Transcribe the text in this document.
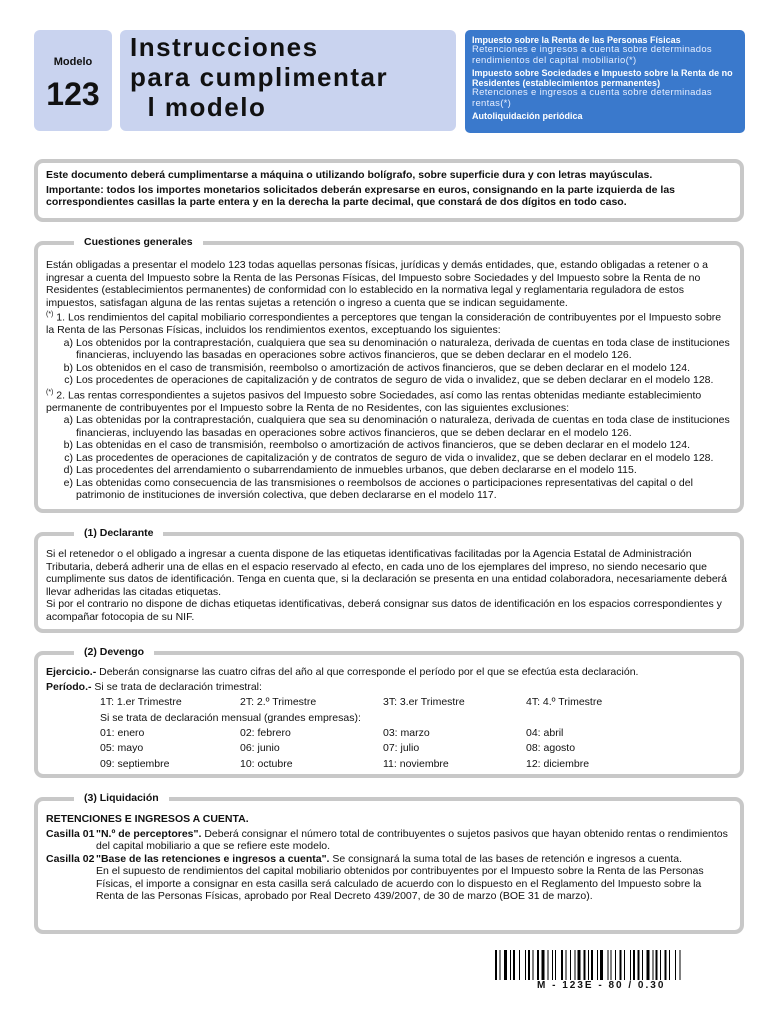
Modelo
123
Instrucciones
para cumplimentar
l modelo

Impuesto sobre la Renta de las Personas Físicas

Retenciones e ingresos a cuenta sobre determinados rendimientos del capital mobiliario(*)

Impuesto sobre Sociedades e Impuesto sobre la Renta de no Residentes (establecimientos permanentes)

Retenciones e ingresos a cuenta sobre determinadas rentas(*)

Autoliquidación periódica

Este documento deberá cumplimentarse a máquina o utilizando bolígrafo, sobre superficie dura y con letras mayúsculas.

Importante: todos los importes monetarios solicitados deberán expresarse en euros, consignando en la parte izquierda de las correspondientes casillas la parte entera y en la derecha la parte decimal, que constará de dos dígitos en todo caso.

Cuestiones generales

Están obligadas a presentar el modelo 123 todas aquellas personas físicas, jurídicas y demás entidades, que, estando obligadas a retener o a ingresar a cuenta del Impuesto sobre la Renta de las Personas Físicas, del Impuesto sobre Sociedades y del Impuesto sobre la Renta de no Residentes (establecimientos permanentes) de conformidad con lo establecido en la normativa legal y reglamentaria reguladora de estos impuestos, satisfagan alguna de las rentas sujetas a retención o ingreso a cuenta que se indican seguidamente.

(*) 1. Los rendimientos del capital mobiliario correspondientes a perceptores que tengan la consideración de contribuyentes por el Impuesto sobre la Renta de las Personas Físicas, incluidos los rendimientos exentos, exceptuando los siguientes:

a) Los obtenidos por la contraprestación, cualquiera que sea su denominación o naturaleza, derivada de cuentas en toda clase de instituciones financieras, incluyendo las basadas en operaciones sobre activos financieros, que se deben declarar en el modelo 126.
b) Los obtenidos en el caso de transmisión, reembolso o amortización de activos financieros, que se deben declarar en el modelo 124.
c) Los procedentes de operaciones de capitalización y de contratos de seguro de vida o invalidez, que se deben declarar en el modelo 128.

(*) 2. Las rentas correspondientes a sujetos pasivos del Impuesto sobre Sociedades, así como las rentas obtenidas mediante establecimiento permanente de contribuyentes por el Impuesto sobre la Renta de no Residentes, con las siguientes exclusiones:

a) Las obtenidas por la contraprestación, cualquiera que sea su denominación o naturaleza, derivada de cuentas en toda clase de instituciones financieras, incluyendo las basadas en operaciones sobre activos financieros, que se deben declarar en el modelo 126.
b) Las obtenidas en el caso de transmisión, reembolso o amortización de activos financieros, que se deben declarar en el modelo 124.
c) Las procedentes de operaciones de capitalización y de contratos de seguro de vida o invalidez, que se deben declarar en el modelo 128.
d) Las procedentes del arrendamiento o subarrendamiento de inmuebles urbanos, que deben declararse en el modelo 115.
e) Las obtenidas como consecuencia de las transmisiones o reembolsos de acciones o participaciones representativas del capital o del patrimonio de instituciones de inversión colectiva, que deben declararse en el modelo 117.
(1) Declarante

Si el retenedor o el obligado a ingresar a cuenta dispone de las etiquetas identificativas facilitadas por la Agencia Estatal de Administración Tributaria, deberá adherir una de ellas en el espacio reservado al efecto, en cada uno de los ejemplares del impreso, no siendo necesario que cumplimente sus datos de identificación. Tenga en cuenta que, si la declaración se presenta en una entidad colaboradora, necesariamente deberá llevar adheridas las citadas etiquetas.

Si por el contrario no dispone de dichas etiquetas identificativas, deberá consignar sus datos de identificación en los espacios correspondientes y acompañar fotocopia de su NIF.

(2) Devengo

Ejercicio.- Deberán consignarse las cuatro cifras del año al que corresponde el período por el que se efectúa esta declaración.

Período.- Si se trata de declaración trimestral:

1T: 1.er Trimestre	2T: 2.º Trimestre	3T: 3.er Trimestre	4T: 4.º Trimestre

Si se trata de declaración mensual (grandes empresas):

01: enero	02: febrero	03: marzo	04: abril
05: mayo	06: junio	07: julio	08: agosto
09: septiembre	10: octubre	11: noviembre	12: diciembre
(3) Liquidación

RETENCIONES E INGRESOS A CUENTA.

Casilla 01 "N.º de perceptores". Deberá consignar el número total de contribuyentes o sujetos pasivos que hayan obtenido rentas o rendimientos del capital mobiliario a que se refiere este modelo.
Casilla 02 "Base de las retenciones e ingresos a cuenta". Se consignará la suma total de las bases de retención e ingresos a cuenta.

En el supuesto de rendimientos del capital mobiliario obtenidos por contribuyentes por el Impuesto sobre la Renta de las Personas Físicas, el importe a consignar en esta casilla será calculado de acuerdo con lo dispuesto en el Reglamento del Impuesto sobre la Renta de las Personas Físicas, aprobado por Real Decreto 439/2007, de 30 de marzo (BOE 31 de marzo).

M - 123E - 80 / 0.30
